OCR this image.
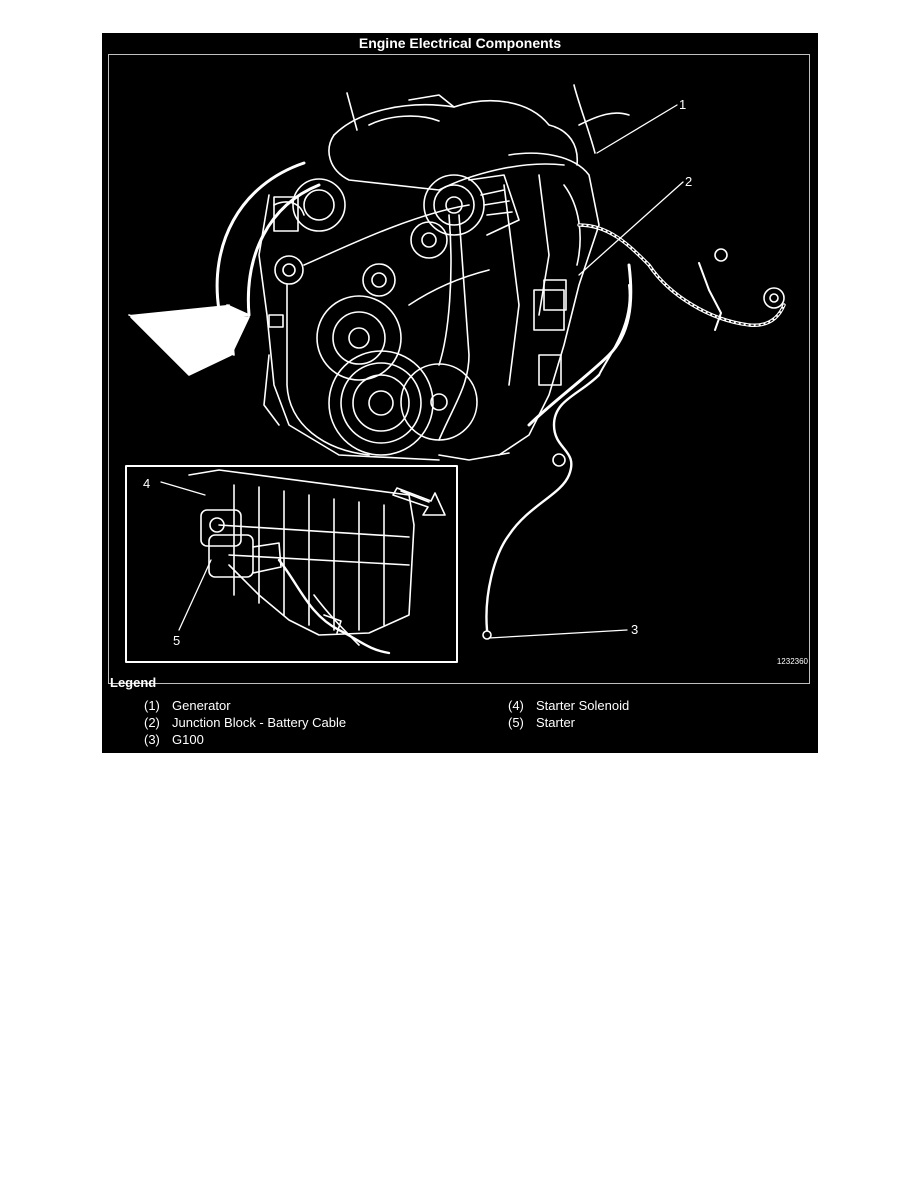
Engine Electrical Components
1
2
3
4
5
1232360
Legend
(1) Generator
(2) Junction Block - Battery Cable
(3) G100
(4) Starter Solenoid
(5) Starter
